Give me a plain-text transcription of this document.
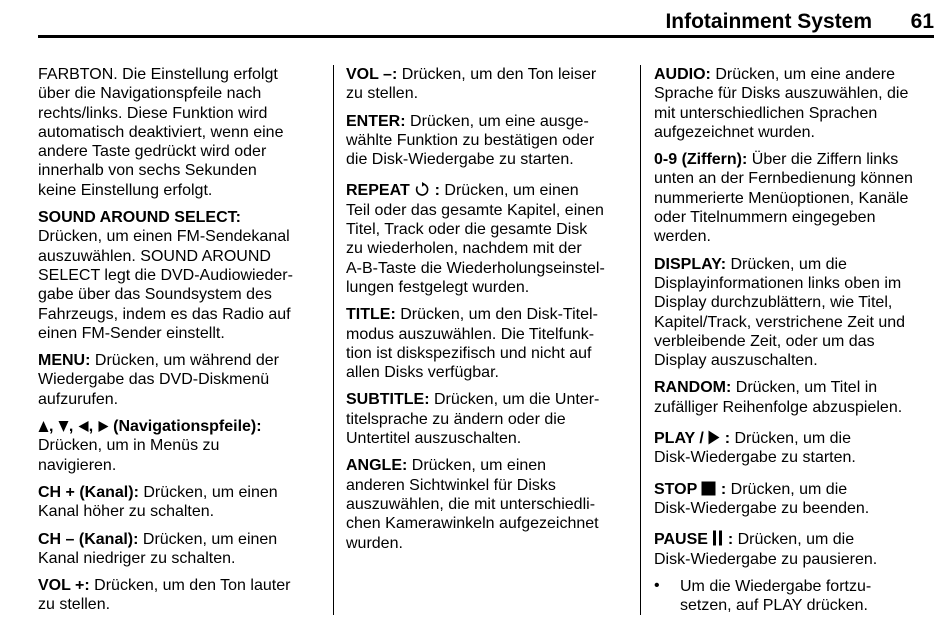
Infotainment System 61
FARBTON. Die Einstellung erfolgt
über die Navigationspfeile nach
rechts/links. Diese Funktion wird
automatisch deaktiviert, wenn eine
andere Taste gedrückt wird oder
innerhalb von sechs Sekunden
keine Einstellung erfolgt.
SOUND AROUND SELECT:
Drücken, um einen FM-Sendekanal
auszuwählen. SOUND AROUND
SELECT legt die DVD-Audiowieder-
gabe über das Soundsystem des
Fahrzeugs, indem es das Radio auf
einen FM-Sender einstellt.
MENU: Drücken, um während der
Wiedergabe das DVD-Diskmenü
aufzurufen.
, , ,  (Navigationspfeile):
Drücken, um in Menüs zu
navigieren.
CH + (Kanal): Drücken, um einen
Kanal höher zu schalten.
CH – (Kanal): Drücken, um einen
Kanal niedriger zu schalten.
VOL +: Drücken, um den Ton lauter
zu stellen.
VOL –: Drücken, um den Ton leiser
zu stellen.
ENTER: Drücken, um eine ausge-
wählte Funktion zu bestätigen oder
die Disk-Wiedergabe zu starten.
REPEAT  : Drücken, um einen
Teil oder das gesamte Kapitel, einen
Titel, Track oder die gesamte Disk
zu wiederholen, nachdem mit der
A-B-Taste die Wiederholungseinstel-
lungen festgelegt wurden.
TITLE: Drücken, um den Disk-Titel-
modus auszuwählen. Die Titelfunk-
tion ist diskspezifisch und nicht auf
allen Disks verfügbar.
SUBTITLE: Drücken, um die Unter-
titelsprache zu ändern oder die
Untertitel auszuschalten.
ANGLE: Drücken, um einen
anderen Sichtwinkel für Disks
auszuwählen, die mit unterschiedli-
chen Kamerawinkeln aufgezeichnet
wurden.
AUDIO: Drücken, um eine andere
Sprache für Disks auszuwählen, die
mit unterschiedlichen Sprachen
aufgezeichnet wurden.
0-9 (Ziffern): Über die Ziffern links
unten an der Fernbedienung können
nummerierte Menüoptionen, Kanäle
oder Titelnummern eingegeben
werden.
DISPLAY: Drücken, um die
Displayinformationen links oben im
Display durchzublättern, wie Titel,
Kapitel/Track, verstrichene Zeit und
verbleibende Zeit, oder um das
Display auszuschalten.
RANDOM: Drücken, um Titel in
zufälliger Reihenfolge abzuspielen.
PLAY /  : Drücken, um die
Disk-Wiedergabe zu starten.
STOP  : Drücken, um die
Disk-Wiedergabe zu beenden.
PAUSE  : Drücken, um die
Disk-Wiedergabe zu pausieren.
• Um die Wiedergabe fortzu-
setzen, auf PLAY drücken.
